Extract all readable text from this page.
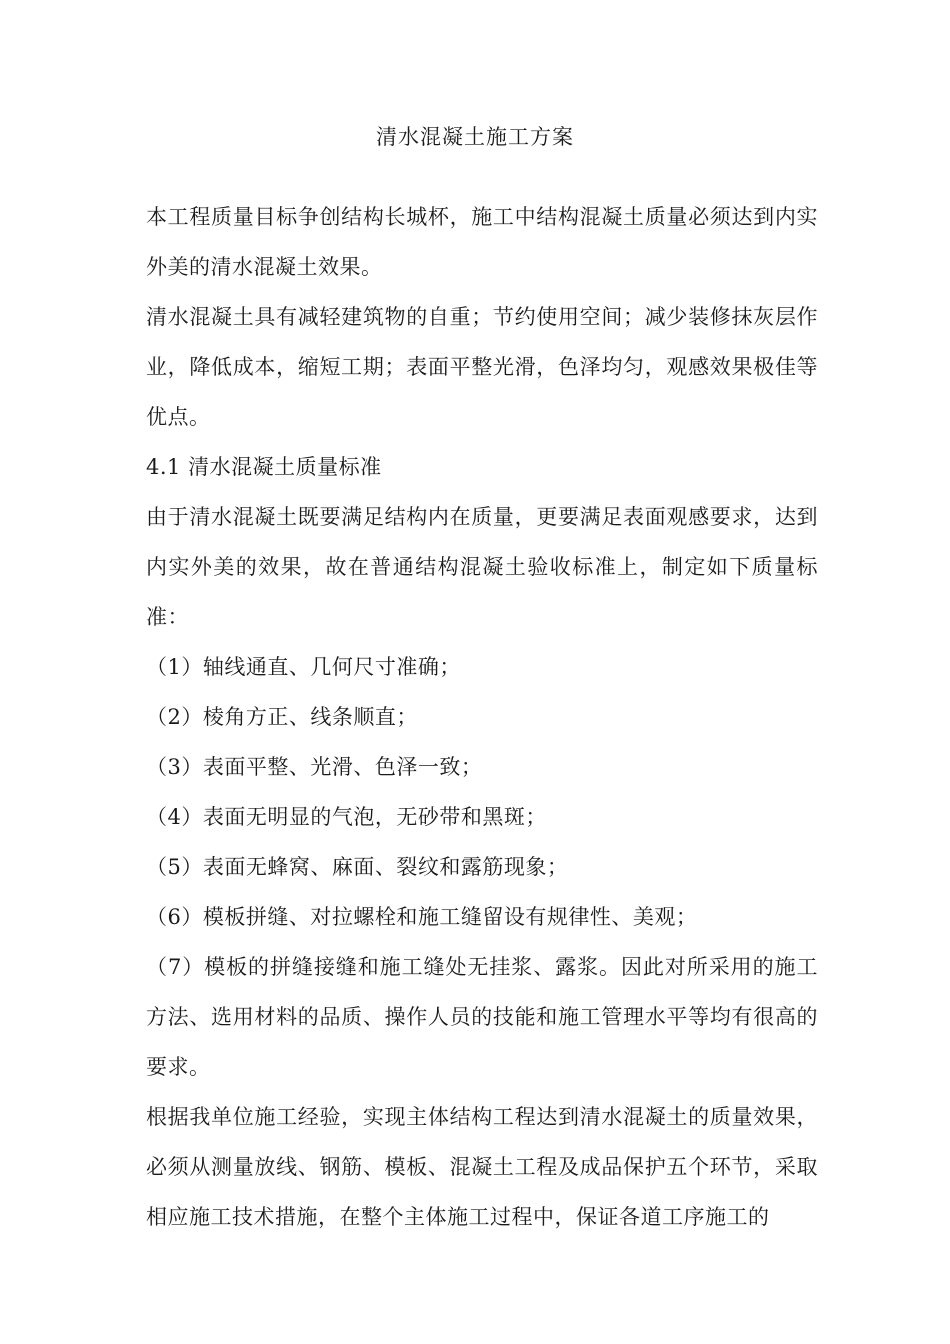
清水混凝土施工方案

本工程质量目标争创结构长城杯，施工中结构混凝土质量必须达到内实外美的清水混凝土效果。

清水混凝土具有减轻建筑物的自重；节约使用空间；减少装修抹灰层作业，降低成本，缩短工期；表面平整光滑，色泽均匀，观感效果极佳等优点。

4.1 清水混凝土质量标准

由于清水混凝土既要满足结构内在质量，更要满足表面观感要求，达到内实外美的效果，故在普通结构混凝土验收标准上，制定如下质量标准：

（1）轴线通直、几何尺寸准确；

（2）棱角方正、线条顺直；

（3）表面平整、光滑、色泽一致；

（4）表面无明显的气泡，无砂带和黑斑；

（5）表面无蜂窝、麻面、裂纹和露筋现象；

（6）模板拼缝、对拉螺栓和施工缝留设有规律性、美观；

（7）模板的拼缝接缝和施工缝处无挂浆、露浆。因此对所采用的施工方法、选用材料的品质、操作人员的技能和施工管理水平等均有很高的要求。

根据我单位施工经验，实现主体结构工程达到清水混凝土的质量效果，必须从测量放线、钢筋、模板、混凝土工程及成品保护五个环节，采取相应施工技术措施，在整个主体施工过程中，保证各道工序施工的
